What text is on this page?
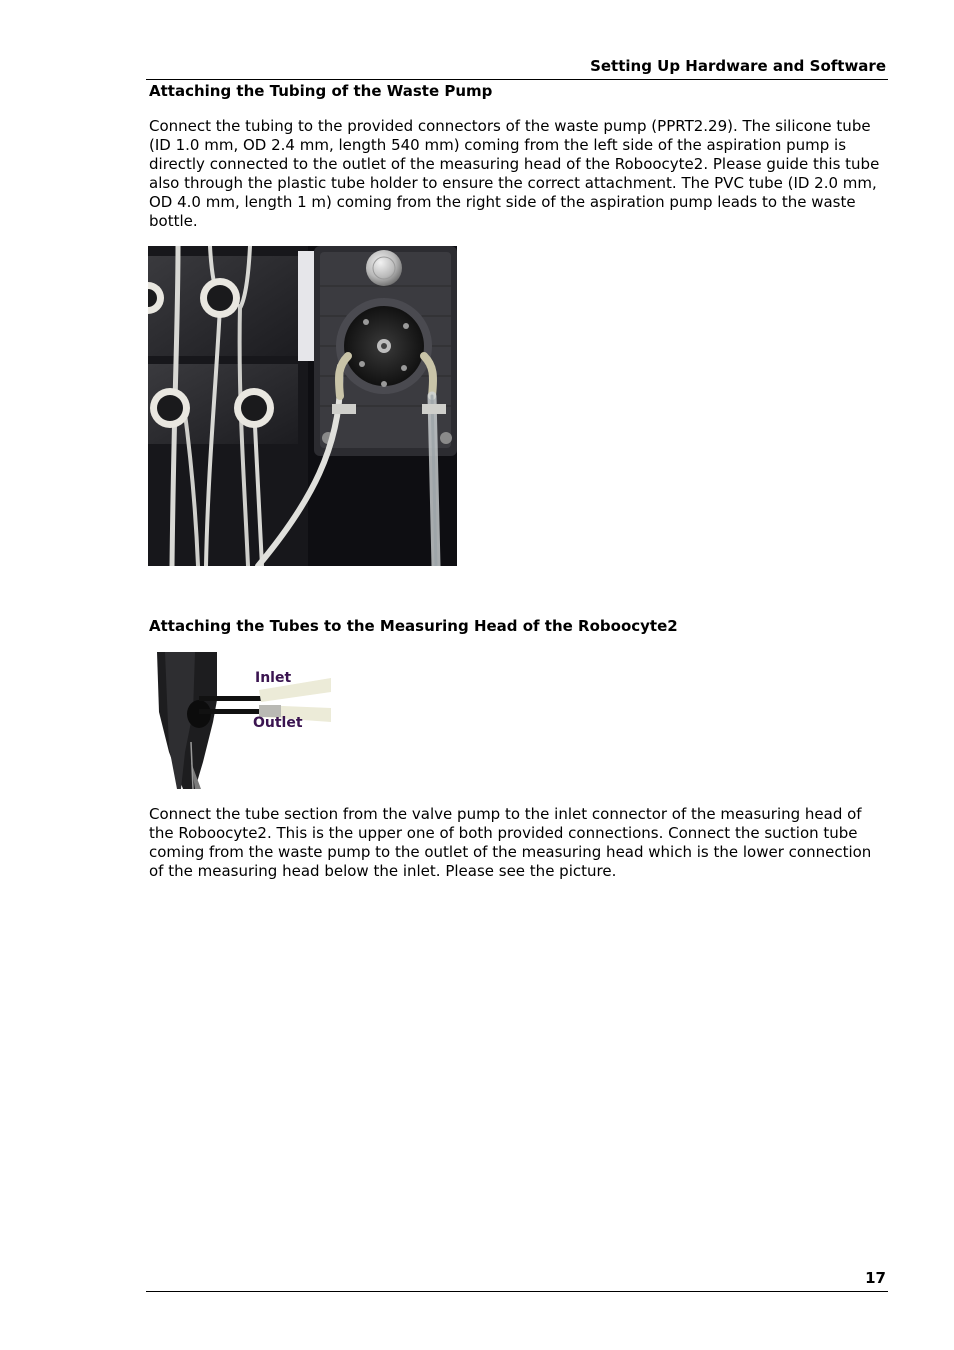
Setting Up Hardware and Software
Attaching the Tubing of the Waste Pump

Connect the tubing to the provided connectors of the waste pump (PPRT2.29). The silicone tube (ID 1.0 mm, OD 2.4 mm, length 540 mm) coming from the left side of the aspiration pump is directly connected to the outlet of the measuring head of the Roboocyte2. Please guide this tube also through the plastic tube holder to ensure the correct attachment. The PVC tube (ID 2.0 mm, OD 4.0 mm, length 1 m) coming from the right side of the aspiration pump leads to the waste bottle.

Attaching the Tubes to the Measuring Head of the Roboocyte2
Inlet
Outlet

Connect the tube section from the valve pump to the inlet connector of the measuring head of the Roboocyte2. This is the upper one of both provided connections. Connect the suction tube coming from the waste pump to the outlet of the measuring head which is the lower connection of the measuring head below the inlet. Please see the picture.

17
